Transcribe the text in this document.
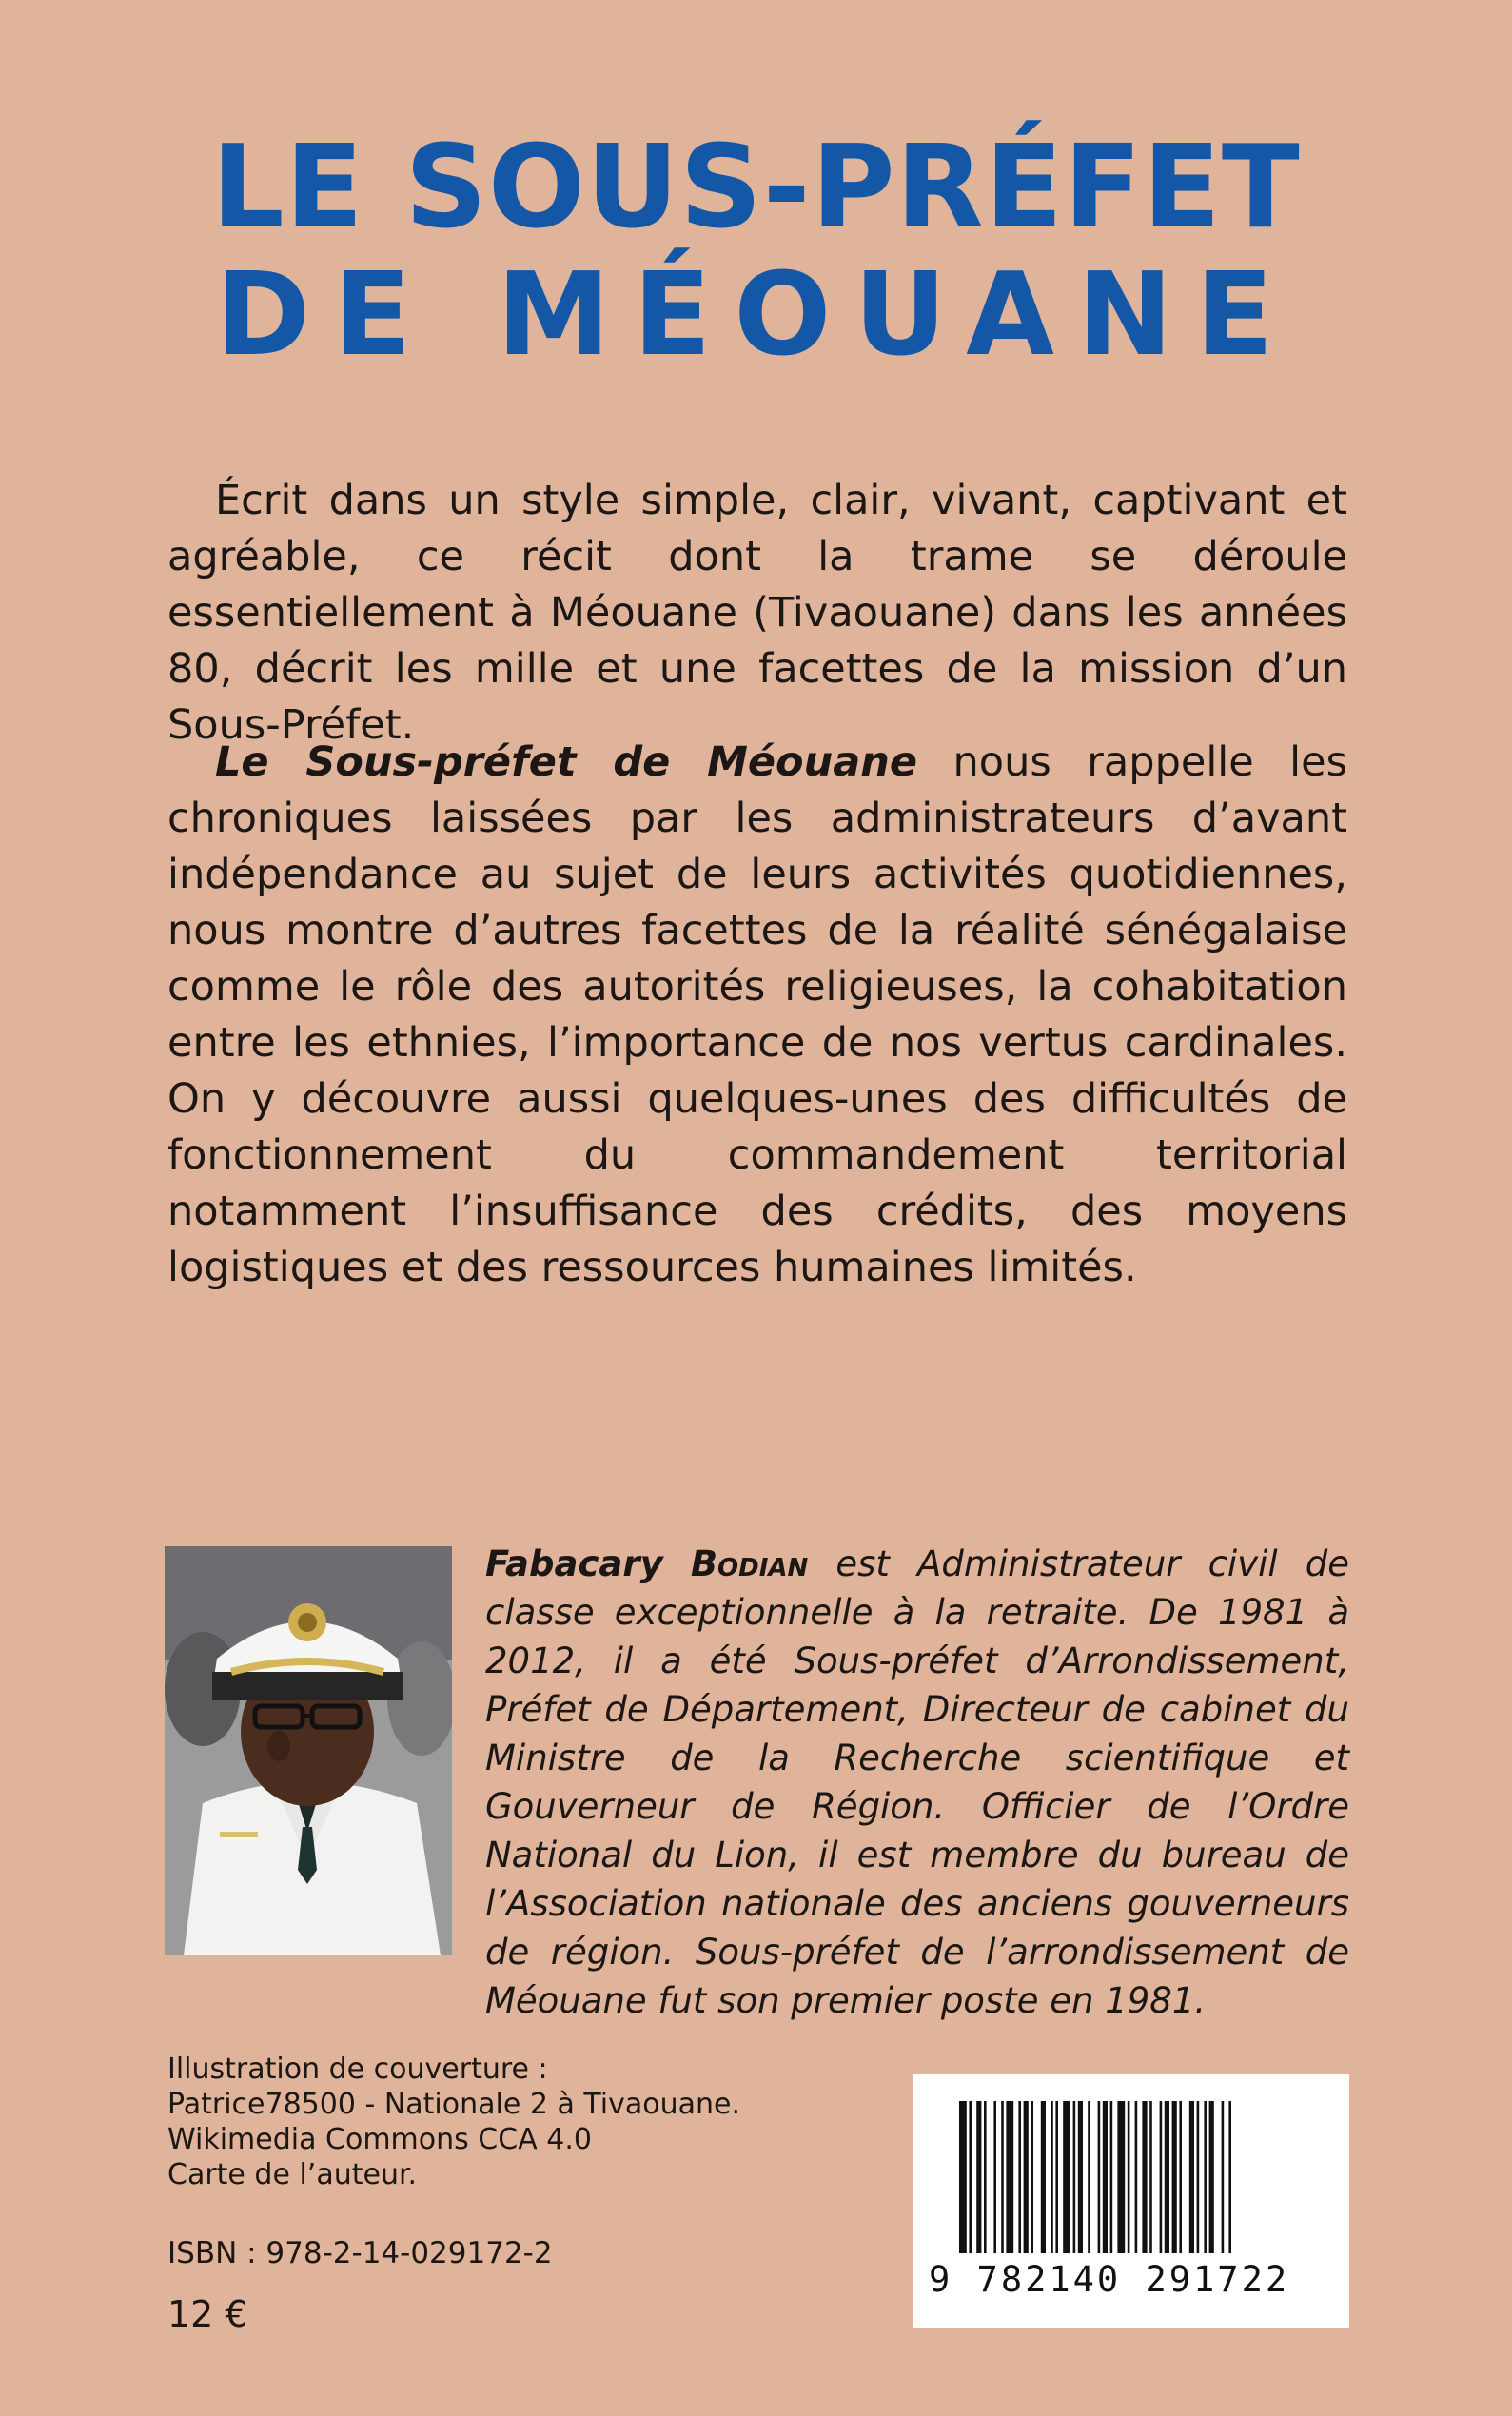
LE SOUS-PRÉFET
DE MÉOUANE

Écrit dans un style simple, clair, vivant, captivant et agréable, ce récit dont la trame se déroule essentiellement à Méouane (Tivaouane) dans les années 80, décrit les mille et une facettes de la mission d’un Sous-Préfet.

Le Sous-préfet de Méouane nous rappelle les chroniques laissées par les administrateurs d’avant indépendance au sujet de leurs activités quotidiennes, nous montre d’autres facettes de la réalité sénégalaise comme le rôle des autorités religieuses, la cohabitation entre les ethnies, l’importance de nos vertus cardinales. On y découvre aussi quelques-unes des difficultés de fonctionnement du commandement territorial notamment l’insuffisance des crédits, des moyens logistiques et des ressources humaines limités.

Fabacary Bodian est Administrateur civil de classe exceptionnelle à la retraite. De 1981 à 2012, il a été Sous-préfet d’Arrondissement, Préfet de Département, Directeur de cabinet du Ministre de la Recherche scientifique et Gouverneur de Région. Officier de l’Ordre National du Lion, il est membre du bureau de l’Association nationale des anciens gouverneurs de région. Sous-préfet de l’arrondissement de Méouane fut son premier poste en 1981.

Illustration de couverture :
Patrice78500 - Nationale 2 à Tivaouane.
Wikimedia Commons CCA 4.0
Carte de l’auteur.
ISBN : 978-2-14-029172-2
12 €
9 782140 291722
